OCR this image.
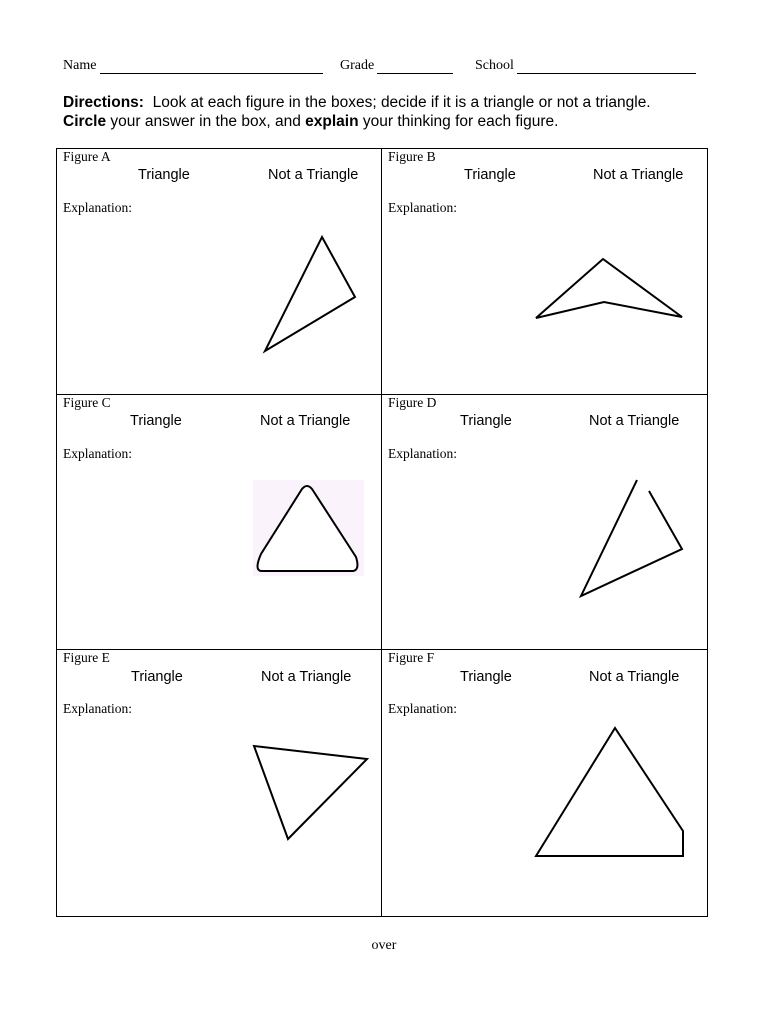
Name	Grade	School
Directions: Look at each figure in the boxes; decide if it is a triangle or not a triangle.
Circle your answer in the box, and explain your thinking for each figure.
Figure A
Triangle	Not a Triangle
Explanation:
Figure B
Triangle	Not a Triangle
Explanation:
Figure C
Triangle	Not a Triangle
Explanation:
Figure D
Triangle	Not a Triangle
Explanation:
Figure E
Triangle	Not a Triangle
Explanation:
Figure F
Triangle	Not a Triangle
Explanation:
over
